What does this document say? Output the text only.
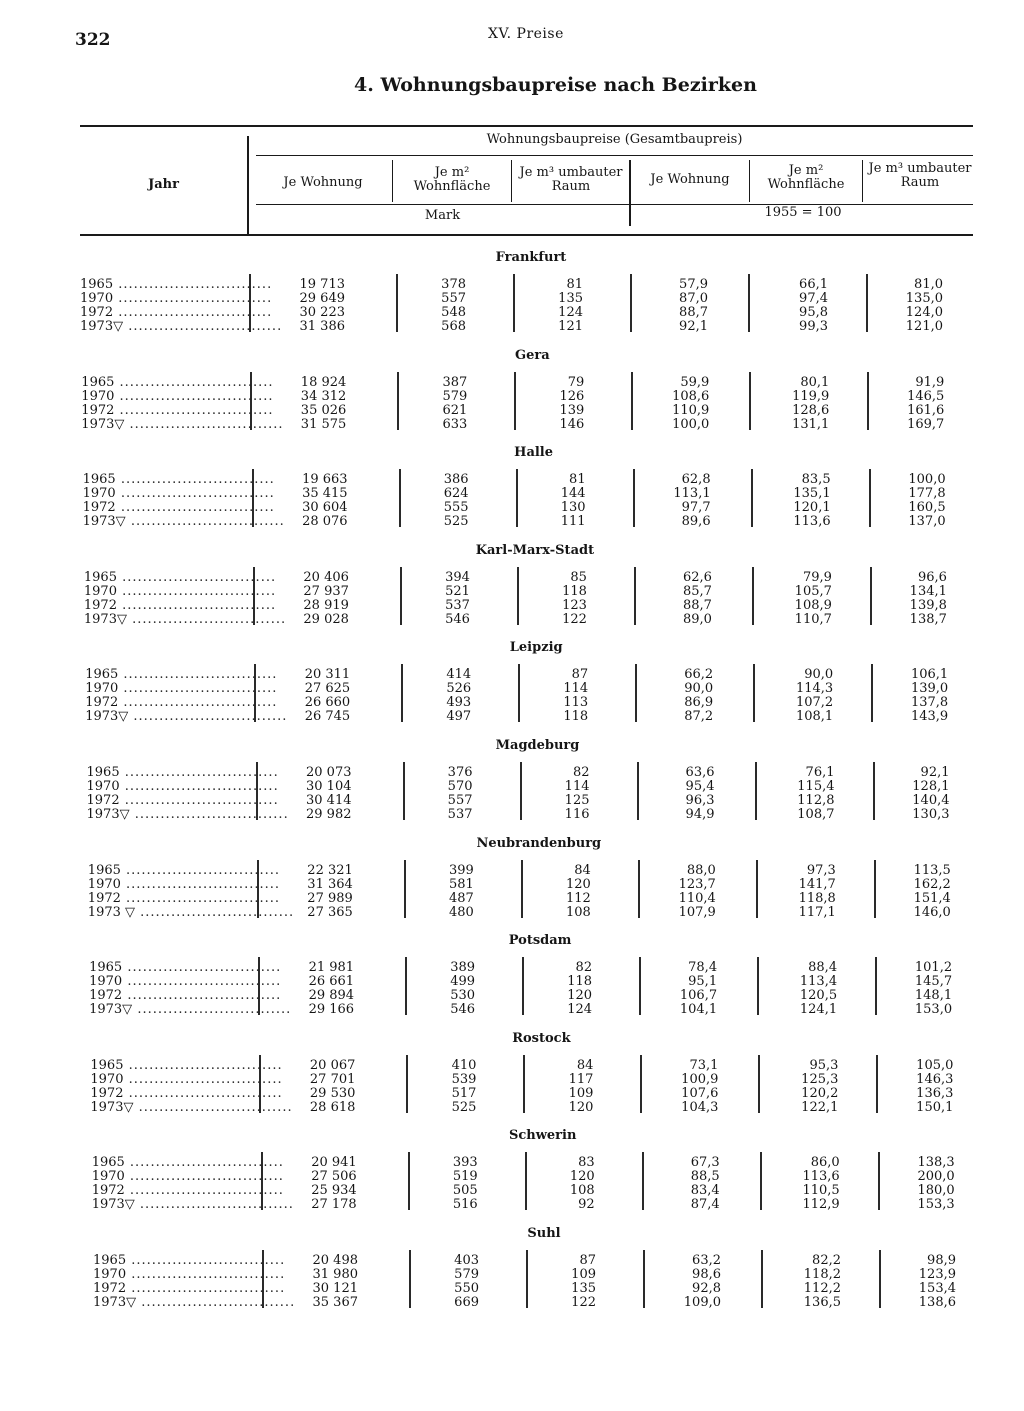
322	XV. Preise
4. Wohnungsbaupreise nach Bezirken
Jahr
Wohnungsbaupreise (Gesamtbaupreis)
Je Wohnung
Je m² Wohnfläche
Je m³ umbauter Raum	Je Wohnung
Je m² Wohnfläche
Je m³ umbauter Raum
Mark	1955 = 100
Frankfurt
1965 ..............................	19 713	378	81	57,9	66,1	81,0
1970 ..............................	29 649	557	135	87,0	97,4	135,0
1972 ..............................	30 223	548	124	88,7	95,8	124,0
1973▽ ..............................	31 386	568	121	92,1	99,3	121,0
Gera
1965 ..............................	18 924	387	79	59,9	80,1	91,9
1970 ..............................	34 312	579	126	108,6	119,9	146,5
1972 ..............................	35 026	621	139	110,9	128,6	161,6
1973▽ ..............................	31 575	633	146	100,0	131,1	169,7
Halle
1965 ..............................	19 663	386	81	62,8	83,5	100,0
1970 ..............................	35 415	624	144	113,1	135,1	177,8
1972 ..............................	30 604	555	130	97,7	120,1	160,5
1973▽ ..............................	28 076	525	111	89,6	113,6	137,0
Karl-Marx-Stadt
1965 ..............................	20 406	394	85	62,6	79,9	96,6
1970 ..............................	27 937	521	118	85,7	105,7	134,1
1972 ..............................	28 919	537	123	88,7	108,9	139,8
1973▽ ..............................	29 028	546	122	89,0	110,7	138,7
Leipzig
1965 ..............................	20 311	414	87	66,2	90,0	106,1
1970 ..............................	27 625	526	114	90,0	114,3	139,0
1972 ..............................	26 660	493	113	86,9	107,2	137,8
1973▽ ..............................	26 745	497	118	87,2	108,1	143,9
Magdeburg
1965 ..............................	20 073	376	82	63,6	76,1	92,1
1970 ..............................	30 104	570	114	95,4	115,4	128,1
1972 ..............................	30 414	557	125	96,3	112,8	140,4
1973▽ ..............................	29 982	537	116	94,9	108,7	130,3
Neubrandenburg
1965 ..............................	22 321	399	84	88,0	97,3	113,5
1970 ..............................	31 364	581	120	123,7	141,7	162,2
1972 ..............................	27 989	487	112	110,4	118,8	151,4
1973 ▽ ..............................	27 365	480	108	107,9	117,1	146,0
Potsdam
1965 ..............................	21 981	389	82	78,4	88,4	101,2
1970 ..............................	26 661	499	118	95,1	113,4	145,7
1972 ..............................	29 894	530	120	106,7	120,5	148,1
1973▽ ..............................	29 166	546	124	104,1	124,1	153,0
Rostock
1965 ..............................	20 067	410	84	73,1	95,3	105,0
1970 ..............................	27 701	539	117	100,9	125,3	146,3
1972 ..............................	29 530	517	109	107,6	120,2	136,3
1973▽ ..............................	28 618	525	120	104,3	122,1	150,1
Schwerin
1965 ..............................	20 941	393	83	67,3	86,0	138,3
1970 ..............................	27 506	519	120	88,5	113,6	200,0
1972 ..............................	25 934	505	108	83,4	110,5	180,0
1973▽ ..............................	27 178	516	92	87,4	112,9	153,3
Suhl
1965 ..............................	20 498	403	87	63,2	82,2	98,9
1970 ..............................	31 980	579	109	98,6	118,2	123,9
1972 ..............................	30 121	550	135	92,8	112,2	153,4
1973▽ ..............................	35 367	669	122	109,0	136,5	138,6
